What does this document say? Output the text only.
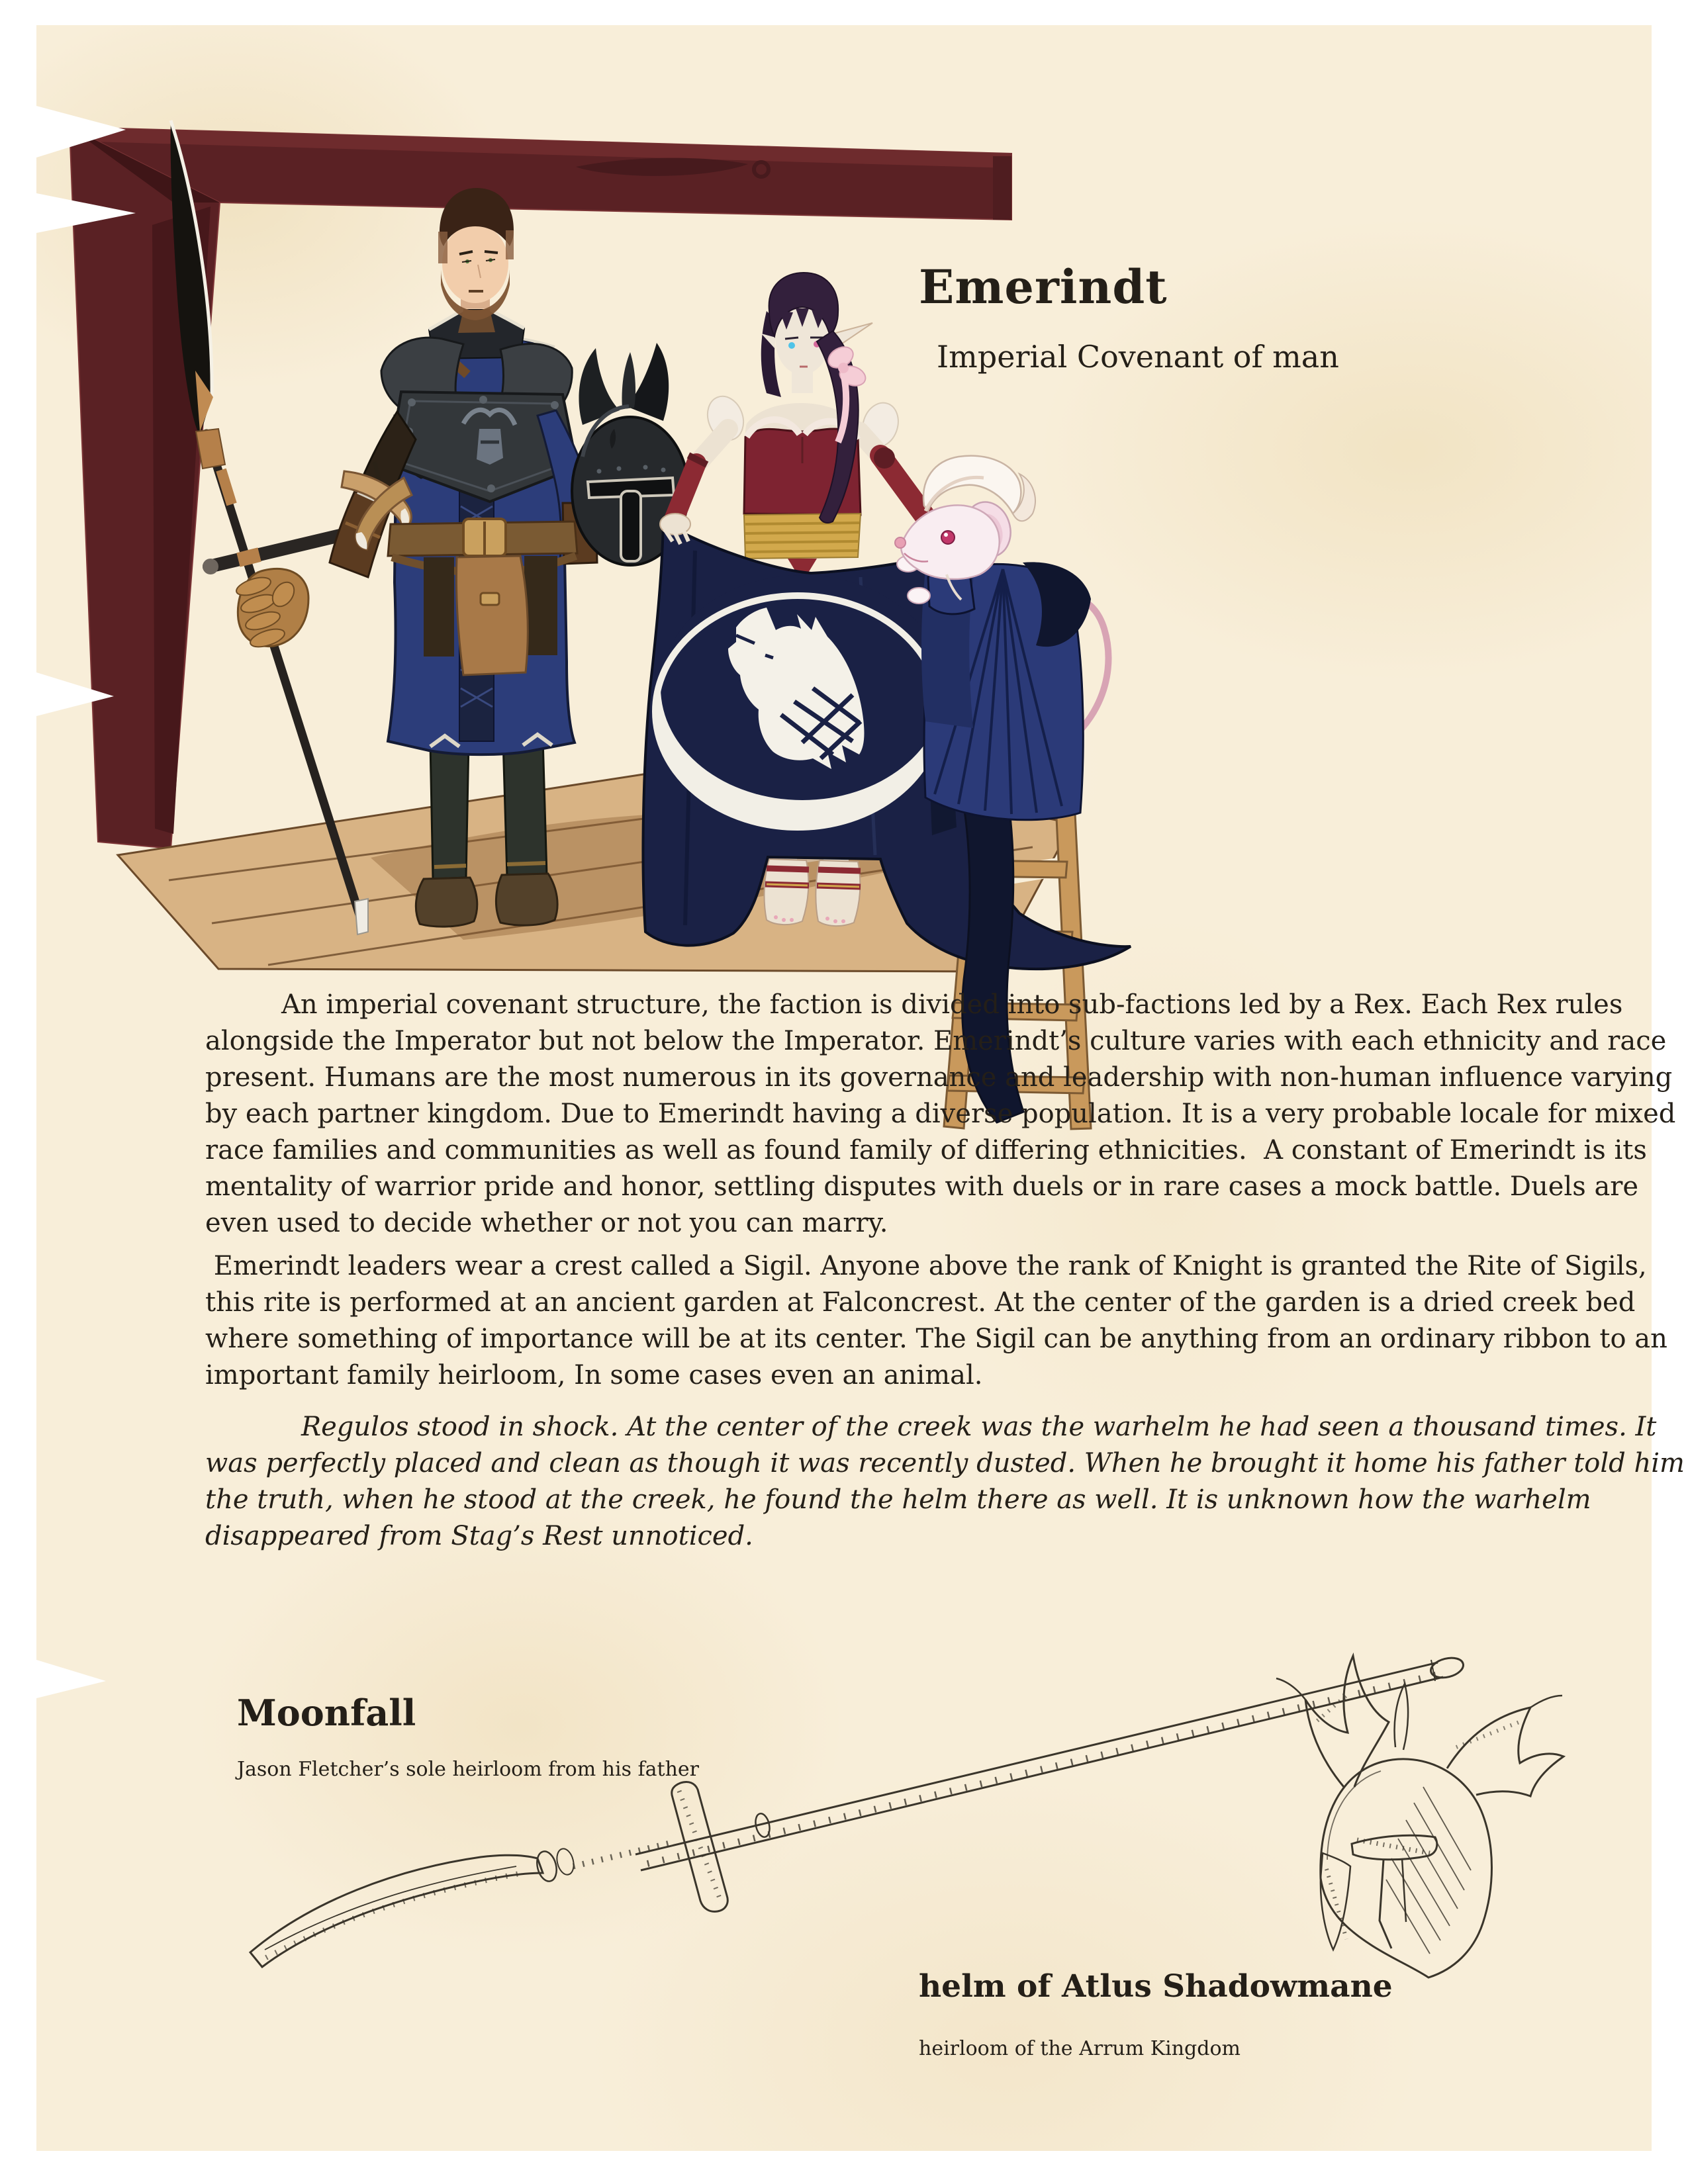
Emerindt
Imperial Covenant of man
An imperial covenant structure, the faction is divided into sub-factions led by a Rex. Each Rex rules
alongside the Imperator but not below the Imperator. Emerindt’s culture varies with each ethnicity and race
present. Humans are the most numerous in its governance and leadership with non-human influence varying
by each partner kingdom. Due to Emerindt having a diverse population. It is a very probable locale for mixed
race families and communities as well as found family of differing ethnicities.  A constant of Emerindt is its
mentality of warrior pride and honor, settling disputes with duels or in rare cases a mock battle. Duels are
even used to decide whether or not you can marry.
Emerindt leaders wear a crest called a Sigil. Anyone above the rank of Knight is granted the Rite of Sigils,
this rite is performed at an ancient garden at Falconcrest. At the center of the garden is a dried creek bed
where something of importance will be at its center. The Sigil can be anything from an ordinary ribbon to an
important family heirloom, In some cases even an animal.
Regulos stood in shock. At the center of the creek was the warhelm he had seen a thousand times. It
was perfectly placed and clean as though it was recently dusted. When he brought it home his father told him
the truth, when he stood at the creek, he found the helm there as well. It is unknown how the warhelm
disappeared from Stag’s Rest unnoticed.
Moonfall
Jason Fletcher’s sole heirloom from his father
helm of Atlus Shadowmane
heirloom of the Arrum Kingdom
